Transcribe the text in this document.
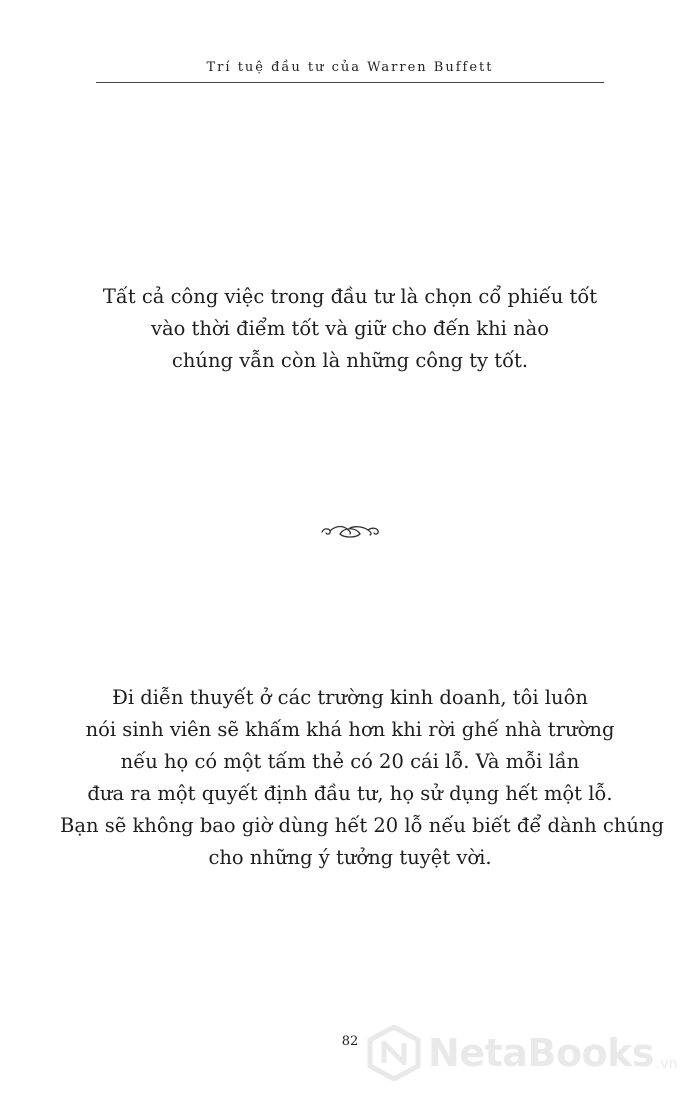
Trí tuệ đầu tư của Warren Buffett
Tất cả công việc trong đầu tư là chọn cổ phiếu tốt
vào thời điểm tốt và giữ cho đến khi nào
chúng vẫn còn là những công ty tốt.
Đi diễn thuyết ở các trường kinh doanh, tôi luôn
nói sinh viên sẽ khấm khá hơn khi rời ghế nhà trường
nếu họ có một tấm thẻ có 20 cái lỗ. Và mỗi lần
đưa ra một quyết định đầu tư, họ sử dụng hết một lỗ.
Bạn sẽ không bao giờ dùng hết 20 lỗ nếu biết để dành chúng
cho những ý tưởng tuyệt vời.
82	NetaBooks .vn
